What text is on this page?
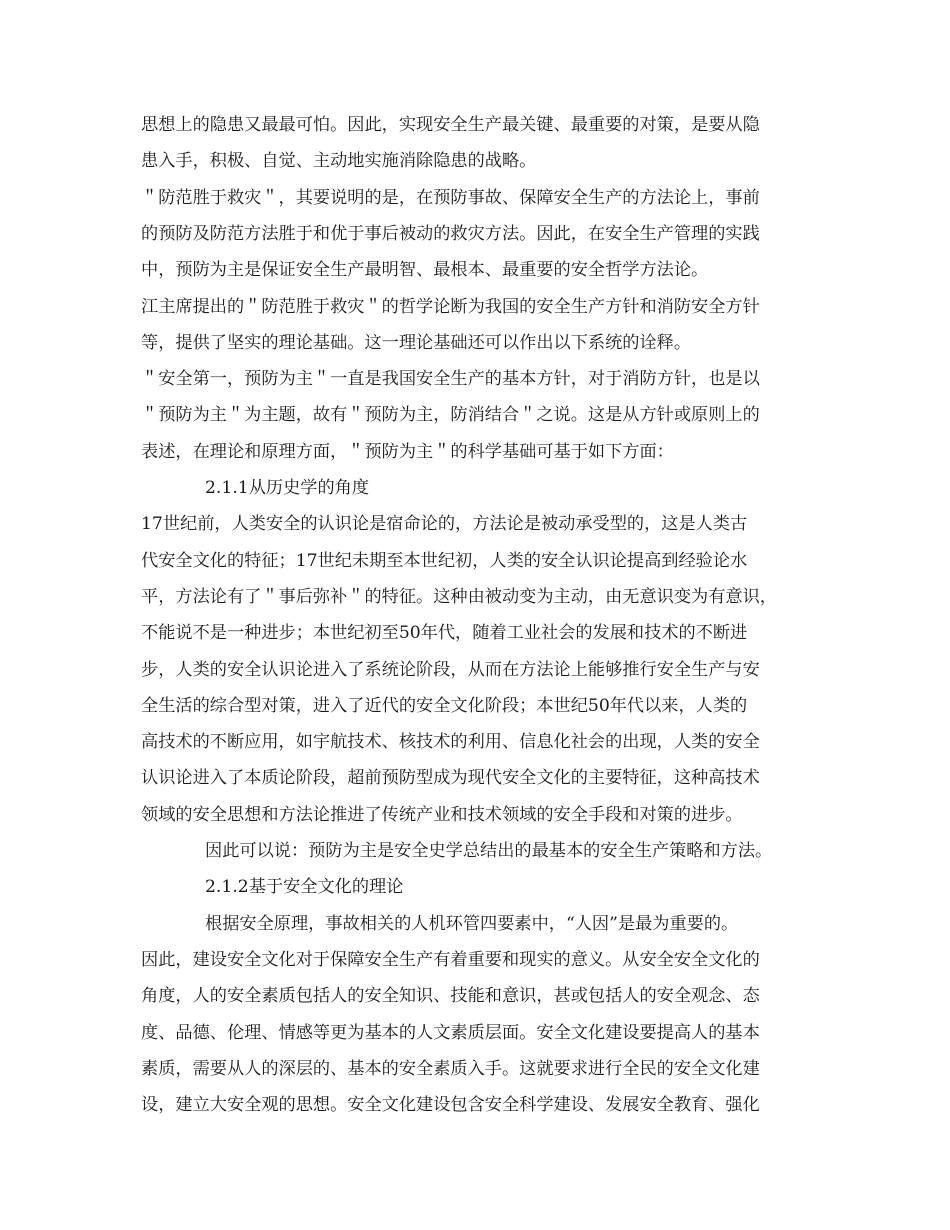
思想上的隐患又最最可怕。因此，实现安全生产最关键、最重要的对策，是要从隐
患入手，积极、自觉、主动地实施消除隐患的战略。
＂防范胜于救灾＂，其要说明的是，在预防事故、保障安全生产的方法论上，事前
的预防及防范方法胜于和优于事后被动的救灾方法。因此，在安全生产管理的实践
中，预防为主是保证安全生产最明智、最根本、最重要的安全哲学方法论。
江主席提出的＂防范胜于救灾＂的哲学论断为我国的安全生产方针和消防安全方针
等，提供了坚实的理论基础。这一理论基础还可以作出以下系统的诠释。
＂安全第一，预防为主＂一直是我国安全生产的基本方针，对于消防方针，也是以
＂预防为主＂为主题，故有＂预防为主，防消结合＂之说。这是从方针或原则上的
表述，在理论和原理方面，＂预防为主＂的科学基础可基于如下方面：
2.1.1从历史学的角度
17世纪前，人类安全的认识论是宿命论的，方法论是被动承受型的，这是人类古
代安全文化的特征；17世纪未期至本世纪初，人类的安全认识论提高到经验论水
平，方法论有了＂事后弥补＂的特征。这种由被动变为主动，由无意识变为有意识，
不能说不是一种进步；本世纪初至50年代，随着工业社会的发展和技术的不断进
步，人类的安全认识论进入了系统论阶段，从而在方法论上能够推行安全生产与安
全生活的综合型对策，进入了近代的安全文化阶段；本世纪50年代以来，人类的
高技术的不断应用，如宇航技术、核技术的利用、信息化社会的出现，人类的安全
认识论进入了本质论阶段，超前预防型成为现代安全文化的主要特征，这种高技术
领域的安全思想和方法论推进了传统产业和技术领域的安全手段和对策的进步。
因此可以说：预防为主是安全史学总结出的最基本的安全生产策略和方法。
2.1.2基于安全文化的理论
根据安全原理，事故相关的人机环管四要素中，“人因”是最为重要的。
因此，建设安全文化对于保障安全生产有着重要和现实的意义。从安全安全文化的
角度，人的安全素质包括人的安全知识、技能和意识，甚或包括人的安全观念、态
度、品德、伦理、情感等更为基本的人文素质层面。安全文化建设要提高人的基本
素质，需要从人的深层的、基本的安全素质入手。这就要求进行全民的安全文化建
设，建立大安全观的思想。安全文化建设包含安全科学建设、发展安全教育、强化
